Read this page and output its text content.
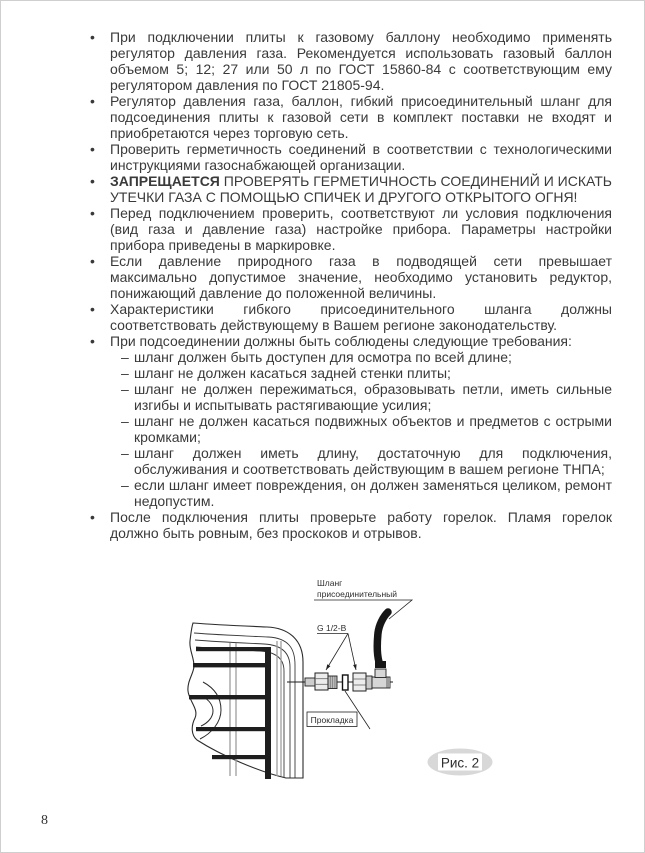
•	При подключении плиты к газовому баллону необходимо применять регулятор давления газа. Рекомендуется использовать газовый баллон объемом 5; 12; 27 или 50 л по ГОСТ 15860-84 с соответствующим ему регулятором давления по ГОСТ 21805-94.
•	Регулятор давления газа, баллон, гибкий присоединительный шланг для подсоединения плиты к газовой сети в комплект поставки не входят и приобретаются через торговую сеть.
•	Проверить герметичность соединений в соответствии с технологическими инструкциями газоснабжающей организации.
•	ЗАПРЕЩАЕТСЯ ПРОВЕРЯТЬ ГЕРМЕТИЧНОСТЬ СОЕДИНЕНИЙ И ИСКАТЬ УТЕЧКИ ГАЗА С ПОМОЩЬЮ СПИЧЕК И ДРУГОГО ОТКРЫТОГО ОГНЯ!
•	Перед подключением проверить, соответствуют ли условия подключения (вид газа и давление газа) настройке прибора. Параметры настройки прибора приведены в маркировке.
•	Если давление природного газа в подводящей сети превышает максимально допустимое значение, необходимо установить редуктор, понижающий давление до положенной величины.
•	Характеристики гибкого присоединительного шланга должны соответствовать действующему в Вашем регионе законодательству.
•	При подсоединении должны быть соблюдены следующие требования:
– шланг должен быть доступен для осмотра по всей длине;
– шланг не должен касаться задней стенки плиты;
– шланг не должен пережиматься, образовывать петли, иметь сильные изгибы и испытывать растягивающие усилия;
– шланг не должен касаться подвижных объектов и предметов с острыми кромками;
– шланг должен иметь длину, достаточную для подключения, обслуживания и соответствовать действующим в вашем регионе ТНПА;
– если шланг имеет повреждения, он должен заменяться целиком, ремонт недопустим.
•	После подключения плиты проверьте работу горелок. Пламя горелок должно быть ровным, без проскоков и отрывов.
Шланг
присоединительный
G 1/2-B
Прокладка
Рис. 2
8
